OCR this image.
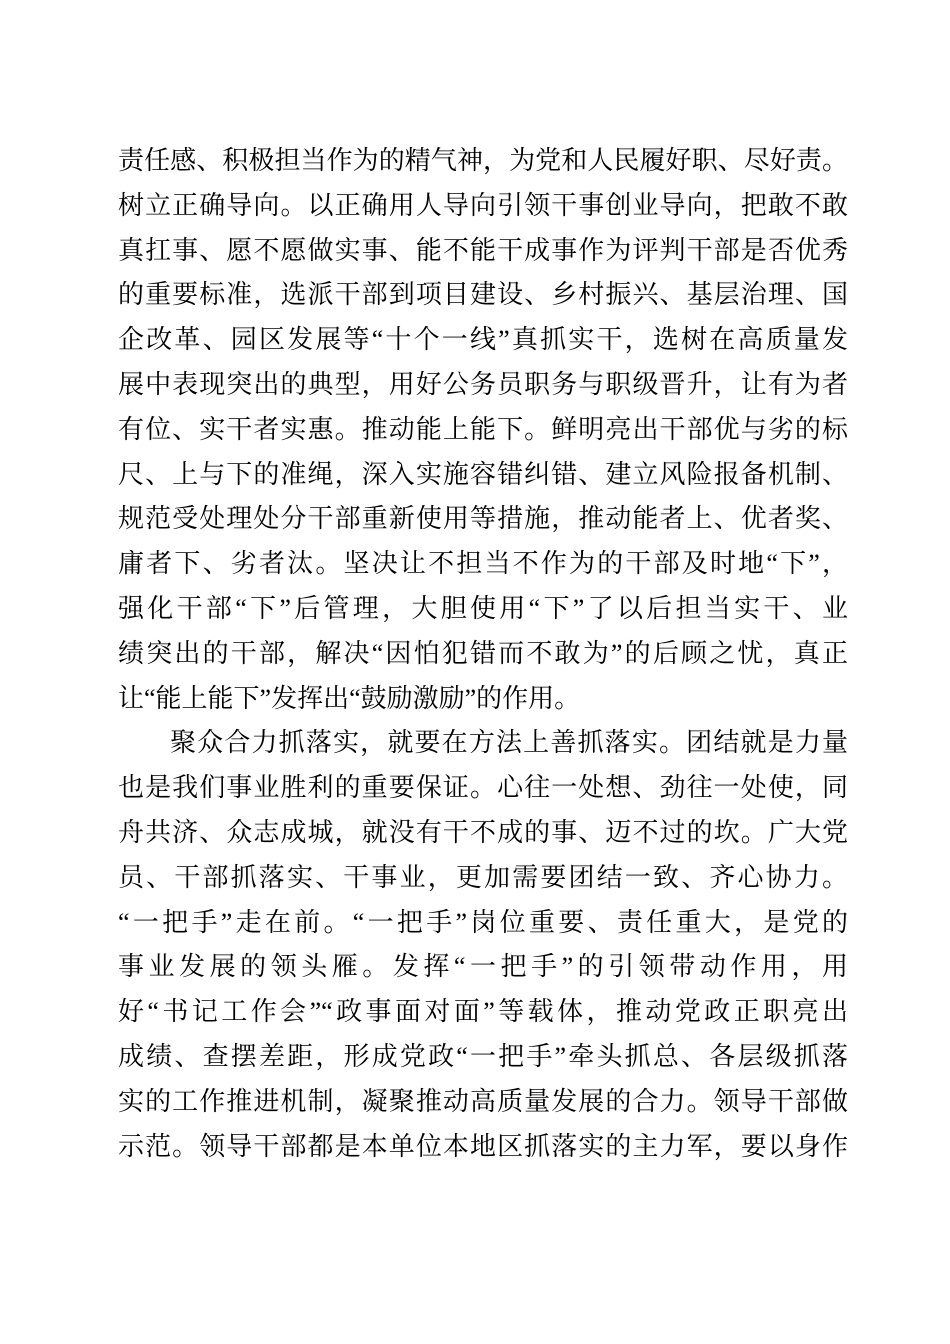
责任感、积极担当作为的精气神，为党和人民履好职、尽好责。
树立正确导向。以正确用人导向引领干事创业导向，把敢不敢
真扛事、愿不愿做实事、能不能干成事作为评判干部是否优秀
的重要标准，选派干部到项目建设、乡村振兴、基层治理、国
企改革、园区发展等“十个一线”真抓实干，选树在高质量发
展中表现突出的典型，用好公务员职务与职级晋升，让有为者
有位、实干者实惠。推动能上能下。鲜明亮出干部优与劣的标
尺、上与下的准绳，深入实施容错纠错、建立风险报备机制、
规范受处理处分干部重新使用等措施，推动能者上、优者奖、
庸者下、劣者汰。坚决让不担当不作为的干部及时地“下”，
强化干部“下”后管理，大胆使用“下”了以后担当实干、业
绩突出的干部，解决“因怕犯错而不敢为”的后顾之忧，真正
让“能上能下”发挥出“鼓励激励”的作用。
聚众合力抓落实，就要在方法上善抓落实。团结就是力量
也是我们事业胜利的重要保证。心往一处想、劲往一处使，同
舟共济、众志成城，就没有干不成的事、迈不过的坎。广大党
员、干部抓落实、干事业，更加需要团结一致、齐心协力。
“一把手”走在前。“一把手”岗位重要、责任重大，是党的
事业发展的领头雁。发挥“一把手”的引领带动作用，用
好“书记工作会”“政事面对面”等载体，推动党政正职亮出
成绩、查摆差距，形成党政“一把手”牵头抓总、各层级抓落
实的工作推进机制，凝聚推动高质量发展的合力。领导干部做
示范。领导干部都是本单位本地区抓落实的主力军，要以身作
